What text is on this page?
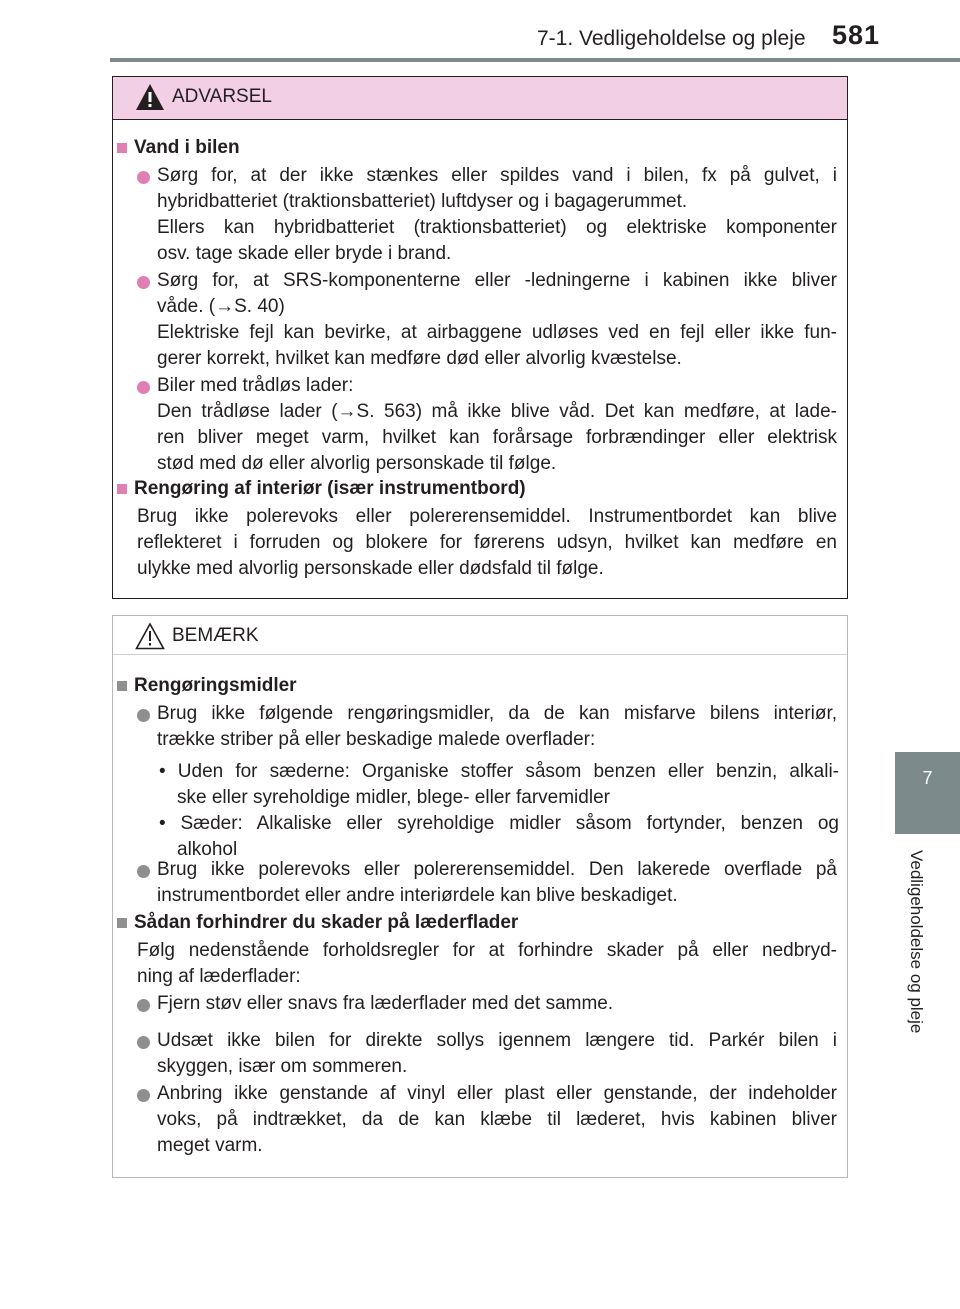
7-1. Vedligeholdelse og pleje 581
7
Vedligeholdelse og pleje
ADVARSEL
Vand i bilen
Sørg for, at der ikke stænkes eller spildes vand i bilen, fx på gulvet, i
hybridbatteriet (traktionsbatteriet) luftdyser og i bagagerummet.
Ellers kan hybridbatteriet (traktionsbatteriet) og elektriske komponenter
osv. tage skade eller bryde i brand.
Sørg for, at SRS-komponenterne eller -ledningerne i kabinen ikke bliver
våde. (→S. 40)
Elektriske fejl kan bevirke, at airbaggene udløses ved en fejl eller ikke fun-
gerer korrekt, hvilket kan medføre død eller alvorlig kvæstelse.
Biler med trådløs lader:
Den trådløse lader (→S. 563) må ikke blive våd. Det kan medføre, at lade-
ren bliver meget varm, hvilket kan forårsage forbrændinger eller elektrisk
stød med dø eller alvorlig personskade til følge.
Rengøring af interiør (især instrumentbord)
Brug ikke polerevoks eller polererensemiddel. Instrumentbordet kan blive
reflekteret i forruden og blokere for førerens udsyn, hvilket kan medføre en
ulykke med alvorlig personskade eller dødsfald til følge.
BEMÆRK
Rengøringsmidler
Brug ikke følgende rengøringsmidler, da de kan misfarve bilens interiør,
trække striber på eller beskadige malede overflader:
• Uden for sæderne: Organiske stoffer såsom benzen eller benzin, alkali-
ske eller syreholdige midler, blege- eller farvemidler
• Sæder: Alkaliske eller syreholdige midler såsom fortynder, benzen og
alkohol
Brug ikke polerevoks eller polererensemiddel. Den lakerede overflade på
instrumentbordet eller andre interiørdele kan blive beskadiget.
Sådan forhindrer du skader på læderflader
Følg nedenstående forholdsregler for at forhindre skader på eller nedbryd-
ning af læderflader:
Fjern støv eller snavs fra læderflader med det samme.
Udsæt ikke bilen for direkte sollys igennem længere tid. Parkér bilen i
skyggen, især om sommeren.
Anbring ikke genstande af vinyl eller plast eller genstande, der indeholder
voks, på indtrækket, da de kan klæbe til læderet, hvis kabinen bliver
meget varm.
